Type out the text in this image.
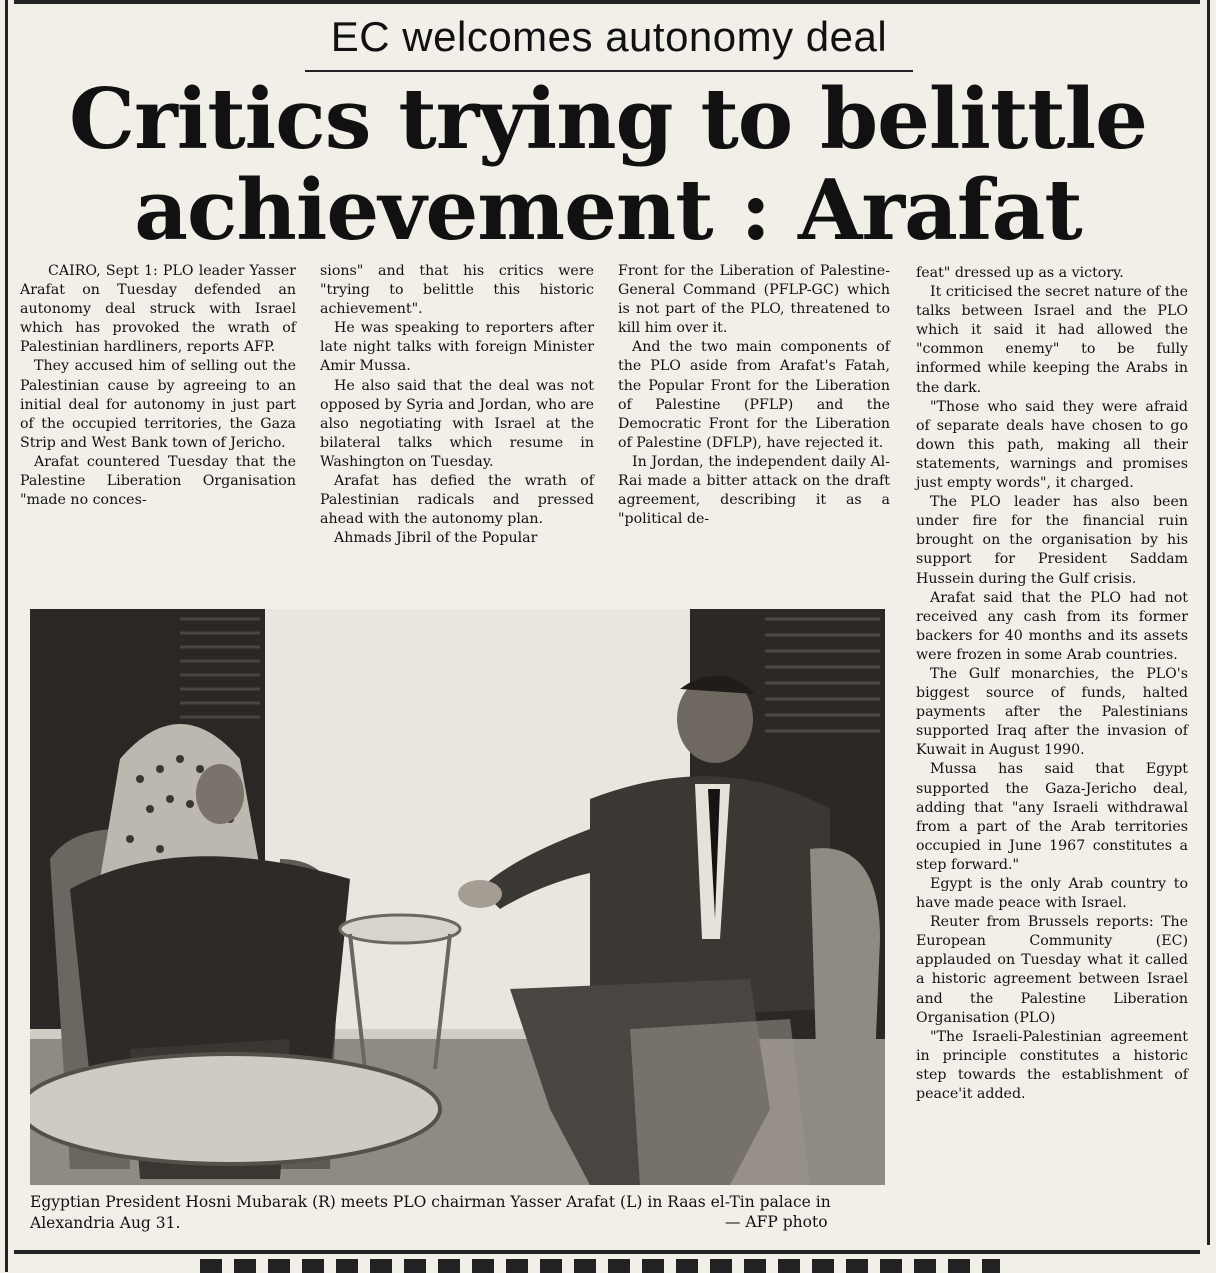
EC welcomes autonomy deal
Critics trying to belittle
achievement : Arafat

CAIRO, Sept 1: PLO leader Yasser Arafat on Tuesday defended an autonomy deal struck with Israel which has provoked the wrath of Palestinian hardliners, reports AFP.

They accused him of selling out the Palestinian cause by agreeing to an initial deal for autonomy in just part of the occupied territories, the Gaza Strip and West Bank town of Jericho.

Arafat countered Tuesday that the Palestine Liberation Organisation "made no conces-

sions" and that his critics were "trying to belittle this historic achievement".

He was speaking to reporters after late night talks with foreign Minister Amir Mussa.

He also said that the deal was not opposed by Syria and Jordan, who are also negotiating with Israel at the bilateral talks which resume in Washington on Tuesday.

Arafat has defied the wrath of Palestinian radicals and pressed ahead with the autonomy plan.

Ahmads Jibril of the Popular

Front for the Liberation of Palestine-General Command (PFLP-GC) which is not part of the PLO, threatened to kill him over it.

And the two main components of the PLO aside from Arafat's Fatah, the Popular Front for the Liberation of Palestine (PFLP) and the Democratic Front for the Liberation of Palestine (DFLP), have rejected it.

In Jordan, the independent daily Al-Rai made a bitter attack on the draft agreement, describing it as a "political de-

feat" dressed up as a victory.

It criticised the secret nature of the talks between Israel and the PLO which it said it had allowed the "common enemy" to be fully informed while keeping the Arabs in the dark.

"Those who said they were afraid of separate deals have chosen to go down this path, making all their statements, warnings and promises just empty words", it charged.

The PLO leader has also been under fire for the financial ruin brought on the organisation by his support for President Saddam Hussein during the Gulf crisis.

Arafat said that the PLO had not received any cash from its former backers for 40 months and its assets were frozen in some Arab countries.

The Gulf monarchies, the PLO's biggest source of funds, halted payments after the Palestinians supported Iraq after the invasion of Kuwait in August 1990.

Mussa has said that Egypt supported the Gaza-Jericho deal, adding that "any Israeli withdrawal from a part of the Arab territories occupied in June 1967 constitutes a step forward."

Egypt is the only Arab country to have made peace with Israel.

Reuter from Brussels reports: The European Community (EC) applauded on Tuesday what it called a historic agreement between Israel and the Palestine Liberation Organisation (PLO)

"The Israeli-Palestinian agreement in principle constitutes a historic step towards the establishment of peace'it added.

Egyptian President Hosni Mubarak (R) meets PLO chairman Yasser Arafat (L) in Raas el-Tin palace in Alexandria Aug 31.	— AFP photo
